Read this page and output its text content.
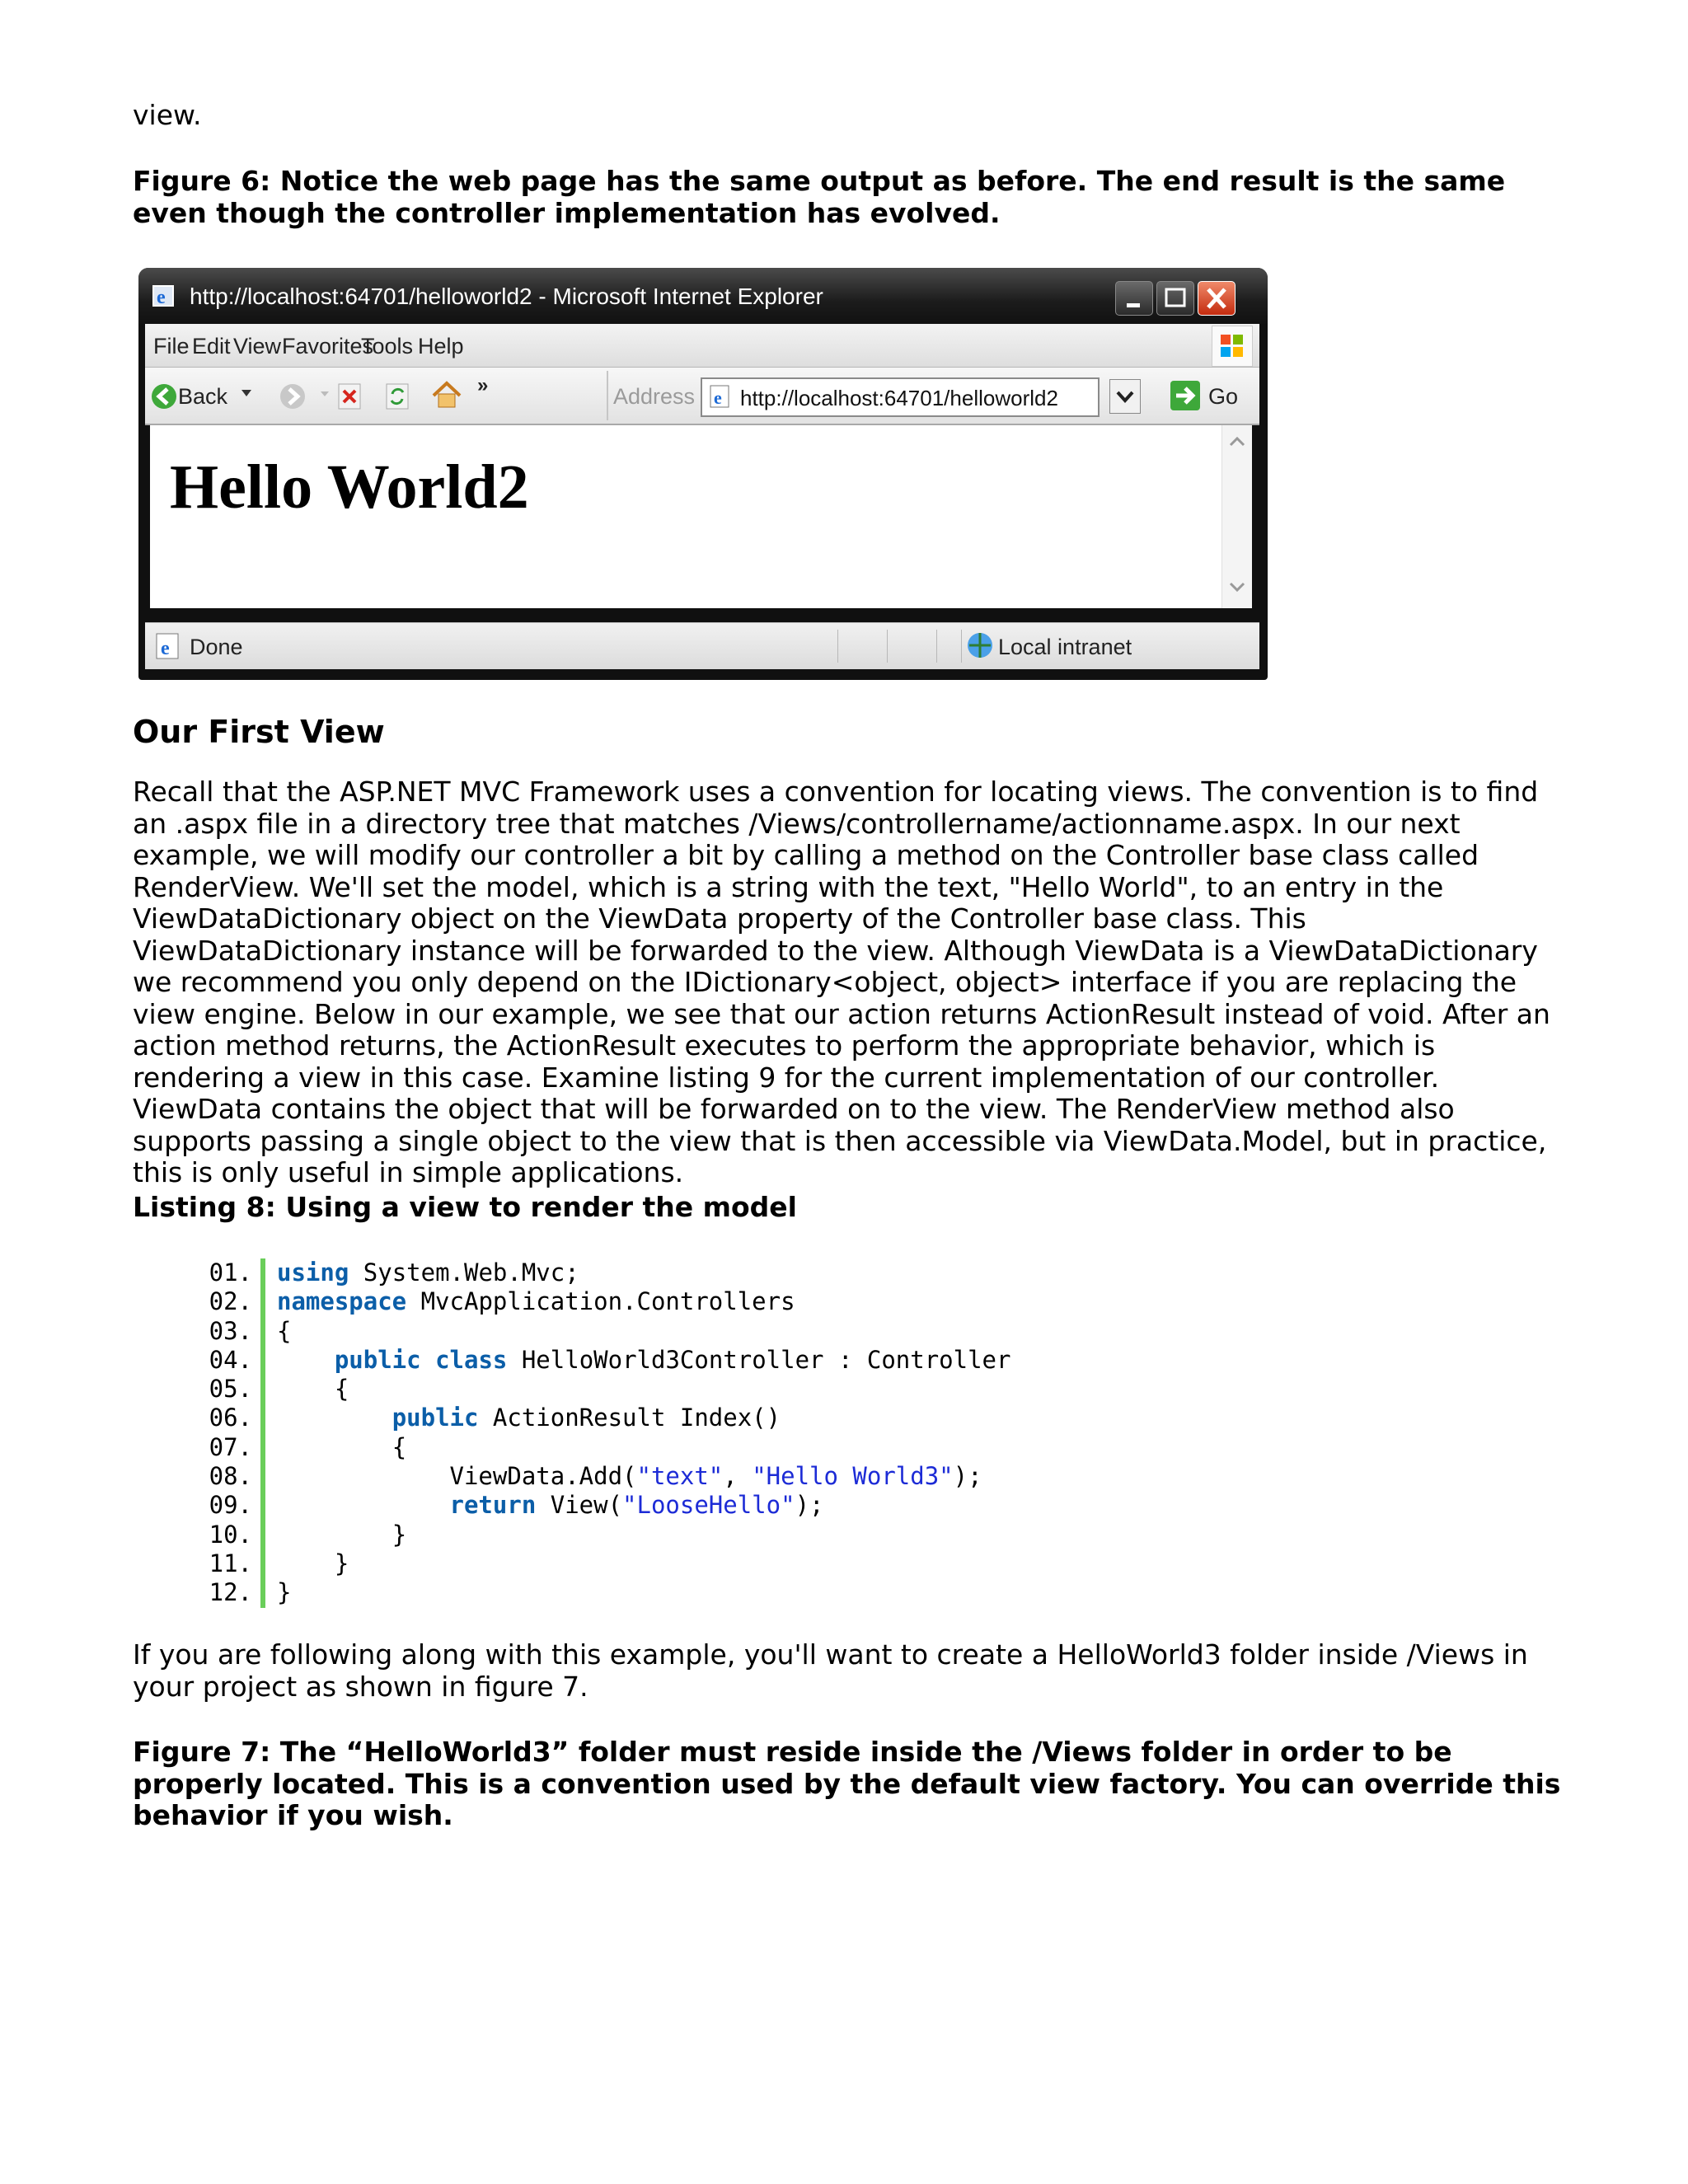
view.

Figure 6: Notice the web page has the same output as before. The end result is the same even though the controller implementation has evolved.

e http://localhost:64701/helloworld2 - Microsoft Internet Explorer
File Edit View Favorites
Tools Help
Back	»	Address e http://localhost:64701/helloworld2	Go
Hello World2
e Done	Local intranet
Our First View

Recall that the ASP.NET MVC Framework uses a convention for locating views. The convention is to find an .aspx file in a directory tree that matches /Views/controllername/actionname.aspx. In our next example, we will modify our controller a bit by calling a method on the Controller base class called RenderView. We'll set the model, which is a string with the text, "Hello World", to an entry in the ViewDataDictionary object on the ViewData property of the Controller base class. This ViewDataDictionary instance will be forwarded to the view. Although ViewData is a ViewDataDictionary we recommend you only depend on the IDictionary<object, object> interface if you are replacing the view engine. Below in our example, we see that our action returns ActionResult instead of void. After an action method returns, the ActionResult executes to perform the appropriate behavior, which is rendering a view in this case. Examine listing 9 for the current implementation of our controller. ViewData contains the object that will be forwarded on to the view. The RenderView method also supports passing a single object to the view that is then accessible via ViewData.Model, but in practice, this is only useful in simple applications.

Listing 8: Using a view to render the model

01.	using System.Web.Mvc;
02.	namespace MvcApplication.Controllers
03.	{
04.	public class HelloWorld3Controller : Controller
05.	{
06.	public ActionResult Index()
07.	{
08.	ViewData.Add("text", "Hello World3");
09.	return View("LooseHello");
10.	}
11.	}
12.	}

If you are following along with this example, you'll want to create a HelloWorld3 folder inside /Views in your project as shown in figure 7.

Figure 7: The “HelloWorld3” folder must reside inside the /Views folder in order to be properly located. This is a convention used by the default view factory. You can override this behavior if you wish.
